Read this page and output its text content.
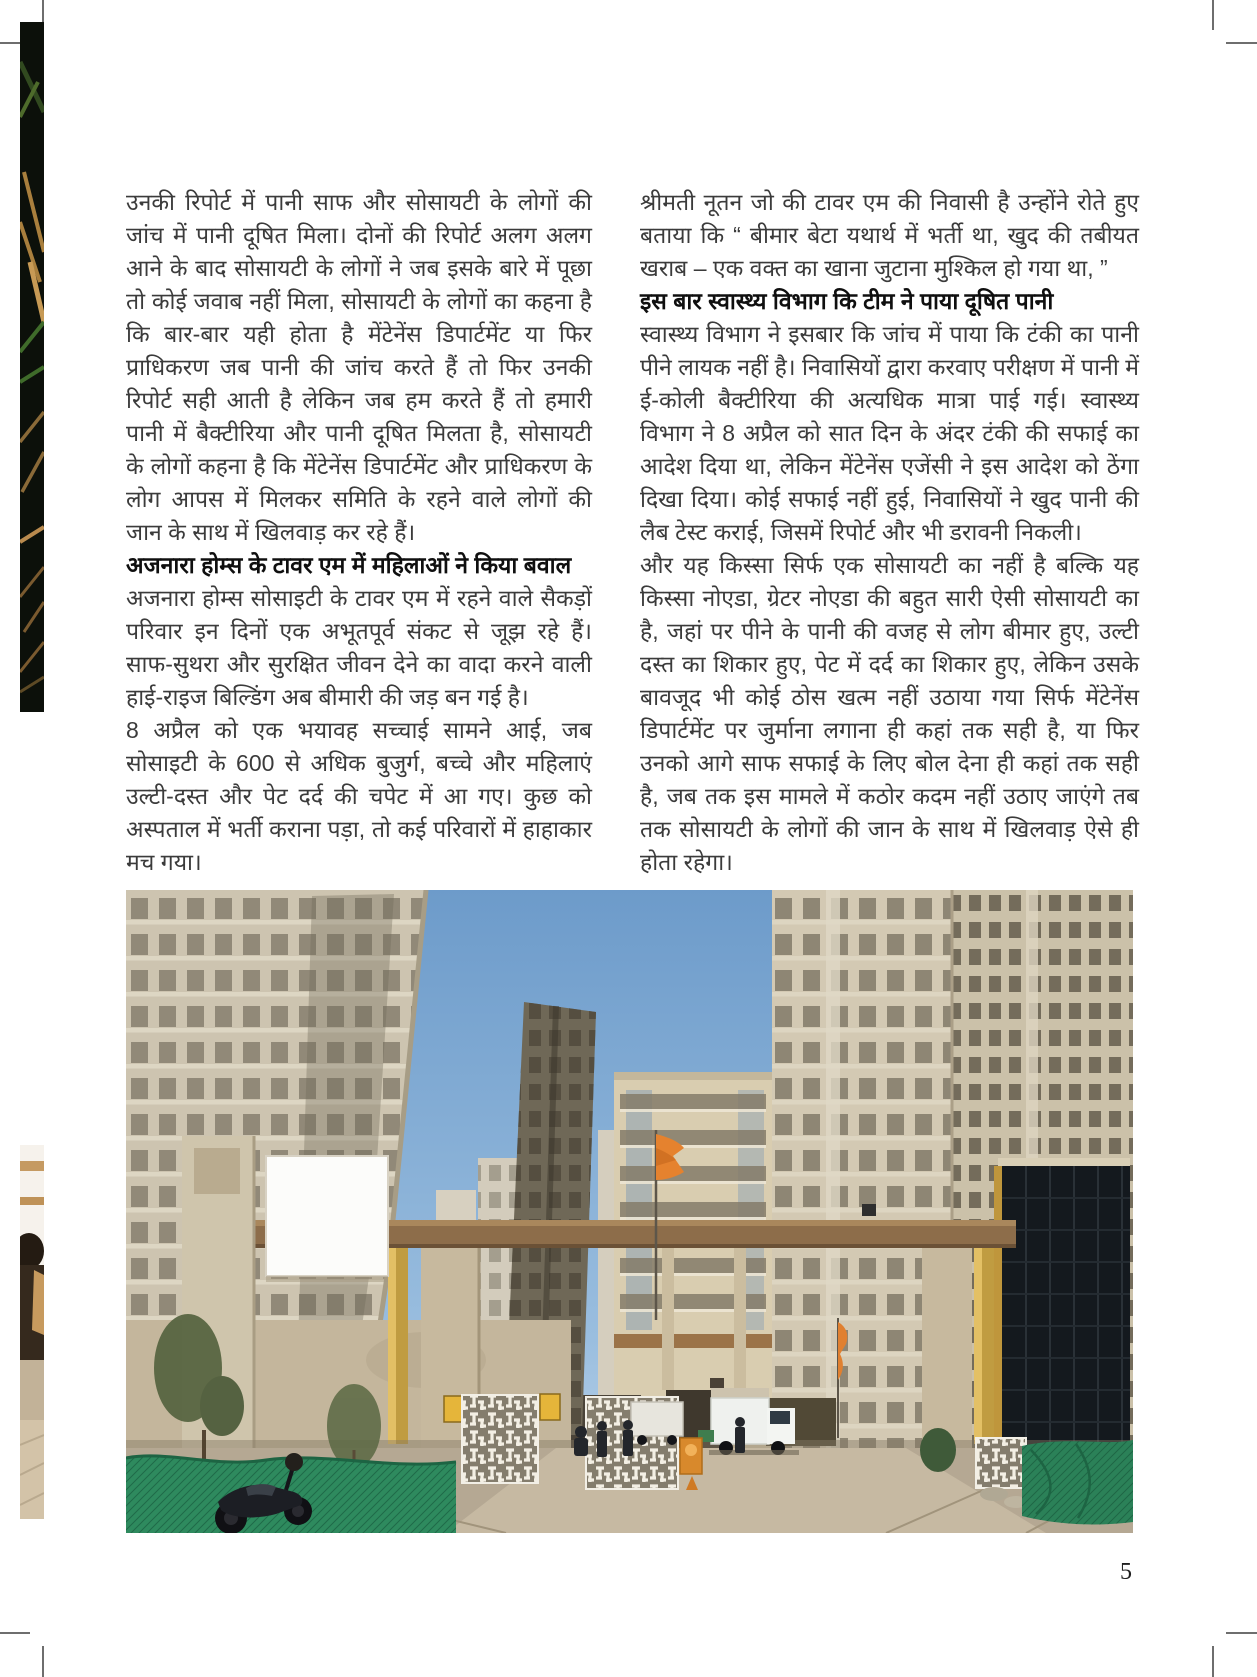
उनकी रिपोर्ट में पानी साफ और सोसायटी के लोगों की जांच में पानी दूषित मिला। दोनों की रिपोर्ट अलग अलग आने के बाद सोसायटी के लोगों ने जब इसके बारे में पूछा तो कोई जवाब नहीं मिला, सोसायटी के लोगों का कहना है कि बार-बार यही होता है मेंटेनेंस डिपार्टमेंट या फिर प्राधिकरण जब पानी की जांच करते हैं तो फिर उनकी रिपोर्ट सही आती है लेकिन जब हम करते हैं तो हमारी पानी में बैक्टीरिया और पानी दूषित मिलता है, सोसायटी के लोगों कहना है कि मेंटेनेंस डिपार्टमेंट और प्राधिकरण के लोग आपस में मिलकर समिति के रहने वाले लोगों की जान के साथ में खिलवाड़ कर रहे हैं।

अजनारा होम्स के टावर एम में महिलाओं ने किया बवाल

अजनारा होम्स सोसाइटी के टावर एम में रहने वाले सैकड़ों परिवार इन दिनों एक अभूतपूर्व संकट से जूझ रहे हैं। साफ-सुथरा और सुरक्षित जीवन देने का वादा करने वाली हाई-राइज बिल्डिंग अब बीमारी की जड़ बन गई है।

8 अप्रैल को एक भयावह सच्चाई सामने आई, जब सोसाइटी के 600 से अधिक बुजुर्ग, बच्चे और महिलाएं उल्टी-दस्त और पेट दर्द की चपेट में आ गए। कुछ को अस्पताल में भर्ती कराना पड़ा, तो कई परिवारों में हाहाकार मच गया।

श्रीमती नूतन जो की टावर एम की निवासी है उन्होंने रोते हुए बताया कि “ बीमार बेटा यथार्थ में भर्ती था, खुद की तबीयत खराब – एक वक्त का खाना जुटाना मुश्किल हो गया था, ”

इस बार स्वास्थ्य विभाग कि टीम ने पाया दूषित पानी

स्वास्थ्य विभाग ने इसबार कि जांच में पाया कि टंकी का पानी पीने लायक नहीं है। निवासियों द्वारा करवाए परीक्षण में पानी में ई-कोली बैक्टीरिया की अत्यधिक मात्रा पाई गई। स्वास्थ्य विभाग ने 8 अप्रैल को सात दिन के अंदर टंकी की सफाई का आदेश दिया था, लेकिन मेंटेनेंस एजेंसी ने इस आदेश को ठेंगा दिखा दिया। कोई सफाई नहीं हुई, निवासियों ने खुद पानी की लैब टेस्ट कराई, जिसमें रिपोर्ट और भी डरावनी निकली।

और यह किस्सा सिर्फ एक सोसायटी का नहीं है बल्कि यह किस्सा नोएडा, ग्रेटर नोएडा की बहुत सारी ऐसी सोसायटी का है, जहां पर पीने के पानी की वजह से लोग बीमार हुए, उल्टी दस्त का शिकार हुए, पेट में दर्द का शिकार हुए, लेकिन उसके बावजूद भी कोई ठोस खत्म नहीं उठाया गया सिर्फ मेंटेनेंस डिपार्टमेंट पर जुर्माना लगाना ही कहां तक सही है, या फिर उनको आगे साफ सफाई के लिए बोल देना ही कहां तक सही है, जब तक इस मामले में कठोर कदम नहीं उठाए जाएंगे तब तक सोसायटी के लोगों की जान के साथ में खिलवाड़ ऐसे ही होता रहेगा।

5
